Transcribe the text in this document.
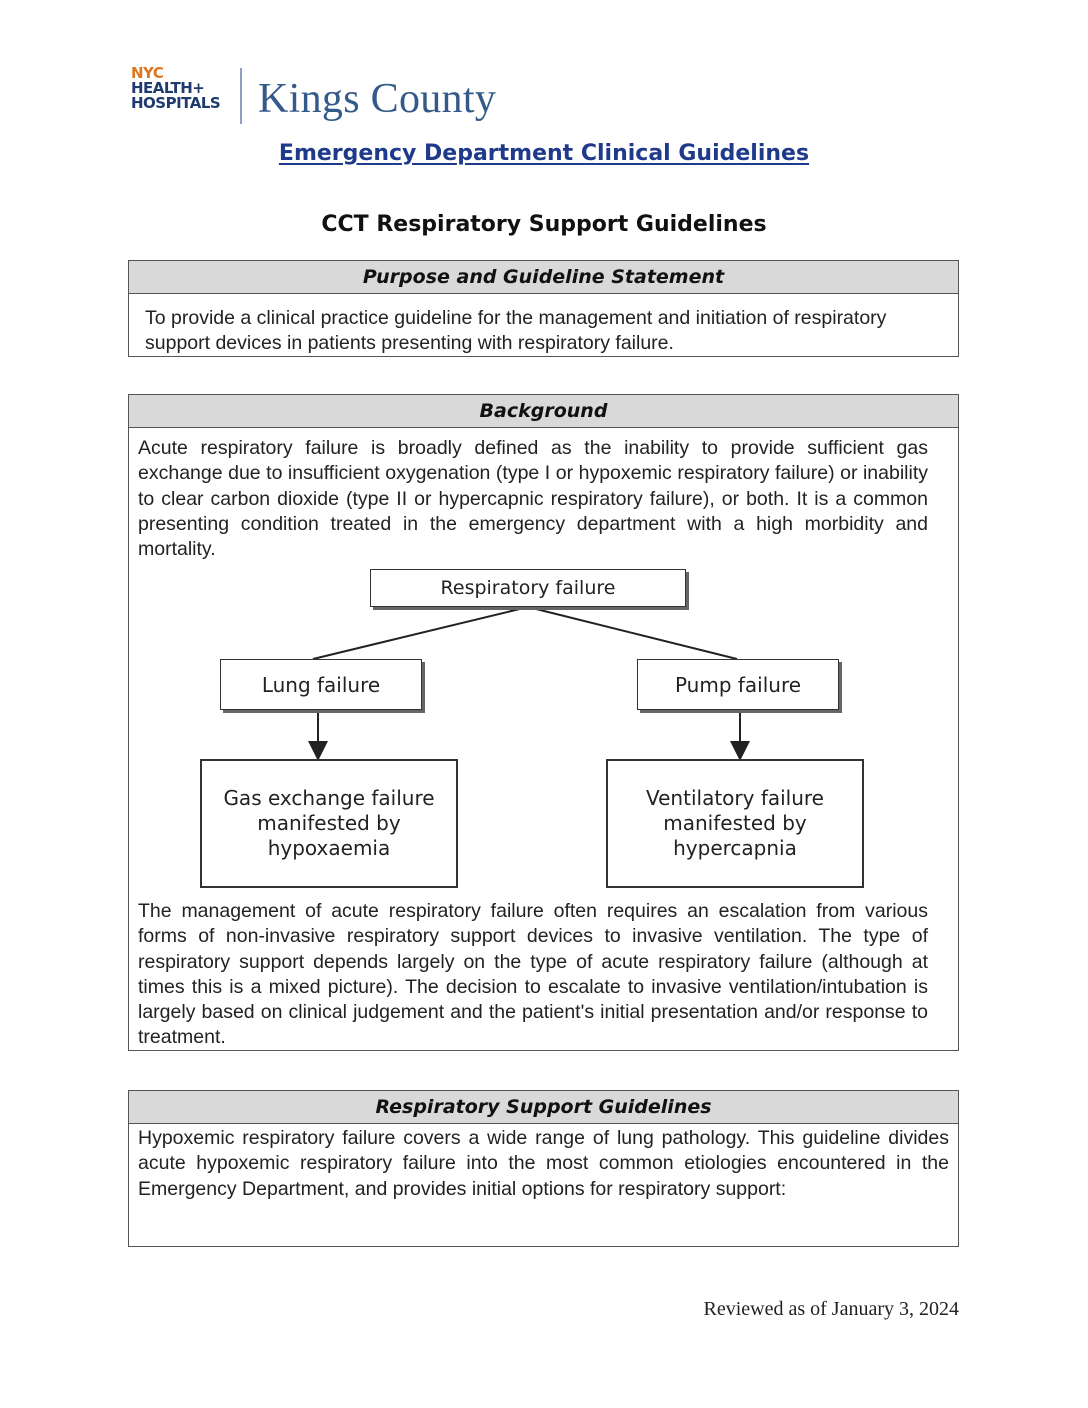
NYC
HEALTH+
HOSPITALS Kings County
Emergency Department Clinical Guidelines
CCT Respiratory Support Guidelines
Purpose and Guideline Statement
To provide a clinical practice guideline for the management and initiation of respiratory support devices in patients presenting with respiratory failure.
Background
Acute respiratory failure is broadly defined as the inability to provide sufficient gas exchange due to insufficient oxygenation (type I or hypoxemic respiratory failure) or inability to clear carbon dioxide (type II or hypercapnic respiratory failure), or both. It is a common presenting condition treated in the emergency department with a high morbidity and mortality.
Respiratory failure
Lung failure	Pump failure
Gas exchange failure
manifested by
hypoxaemia
Ventilatory failure
manifested by
hypercapnia
The management of acute respiratory failure often requires an escalation from various forms of non-invasive respiratory support devices to invasive ventilation. The type of respiratory support depends largely on the type of acute respiratory failure (although at times this is a mixed picture). The decision to escalate to invasive ventilation/intubation is largely based on clinical judgement and the patient's initial presentation and/or response to treatment.
Respiratory Support Guidelines
Hypoxemic respiratory failure covers a wide range of lung pathology. This guideline divides acute hypoxemic respiratory failure into the most common etiologies encountered in the Emergency Department, and provides initial options for respiratory support:
Reviewed as of January 3, 2024
